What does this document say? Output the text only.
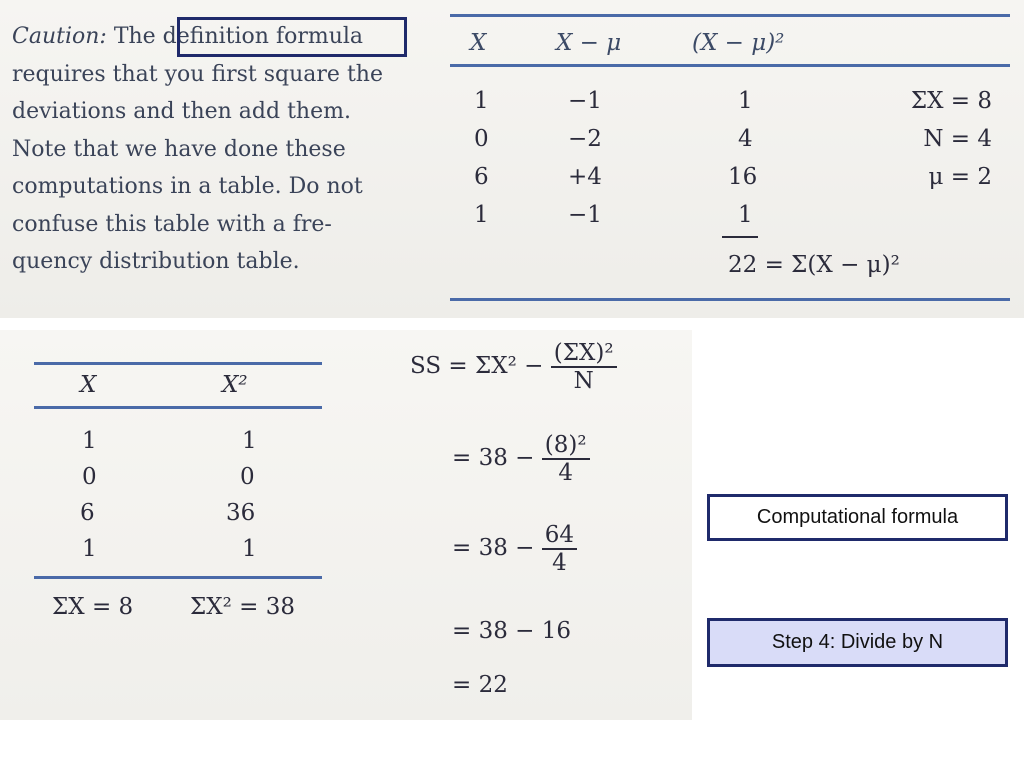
Caution: The definition formula
requires that you first square the
deviations and then add them.
Note that we have done these
computations in a table. Do not
confuse this table with a fre-
quency distribution table.
X	X − μ	(X − μ)²
1	−1	1
0	−2	4
6	+4	16
1	−1	1
22 = Σ(X − μ)²
ΣX = 8
N = 4
μ = 2
X	X²
1	1
0	0
6	36
1	1
ΣX = 8 ΣX² = 38
SS = $\Sigma X^2 - \frac{\text{(ΣX)²}}{N}$
= $38 - \frac{\text{(8)²}}{4}$
= $38 - \frac{64}{4}$
= 38 − 16
= 22
Computational formula
Step 4: Divide by N
